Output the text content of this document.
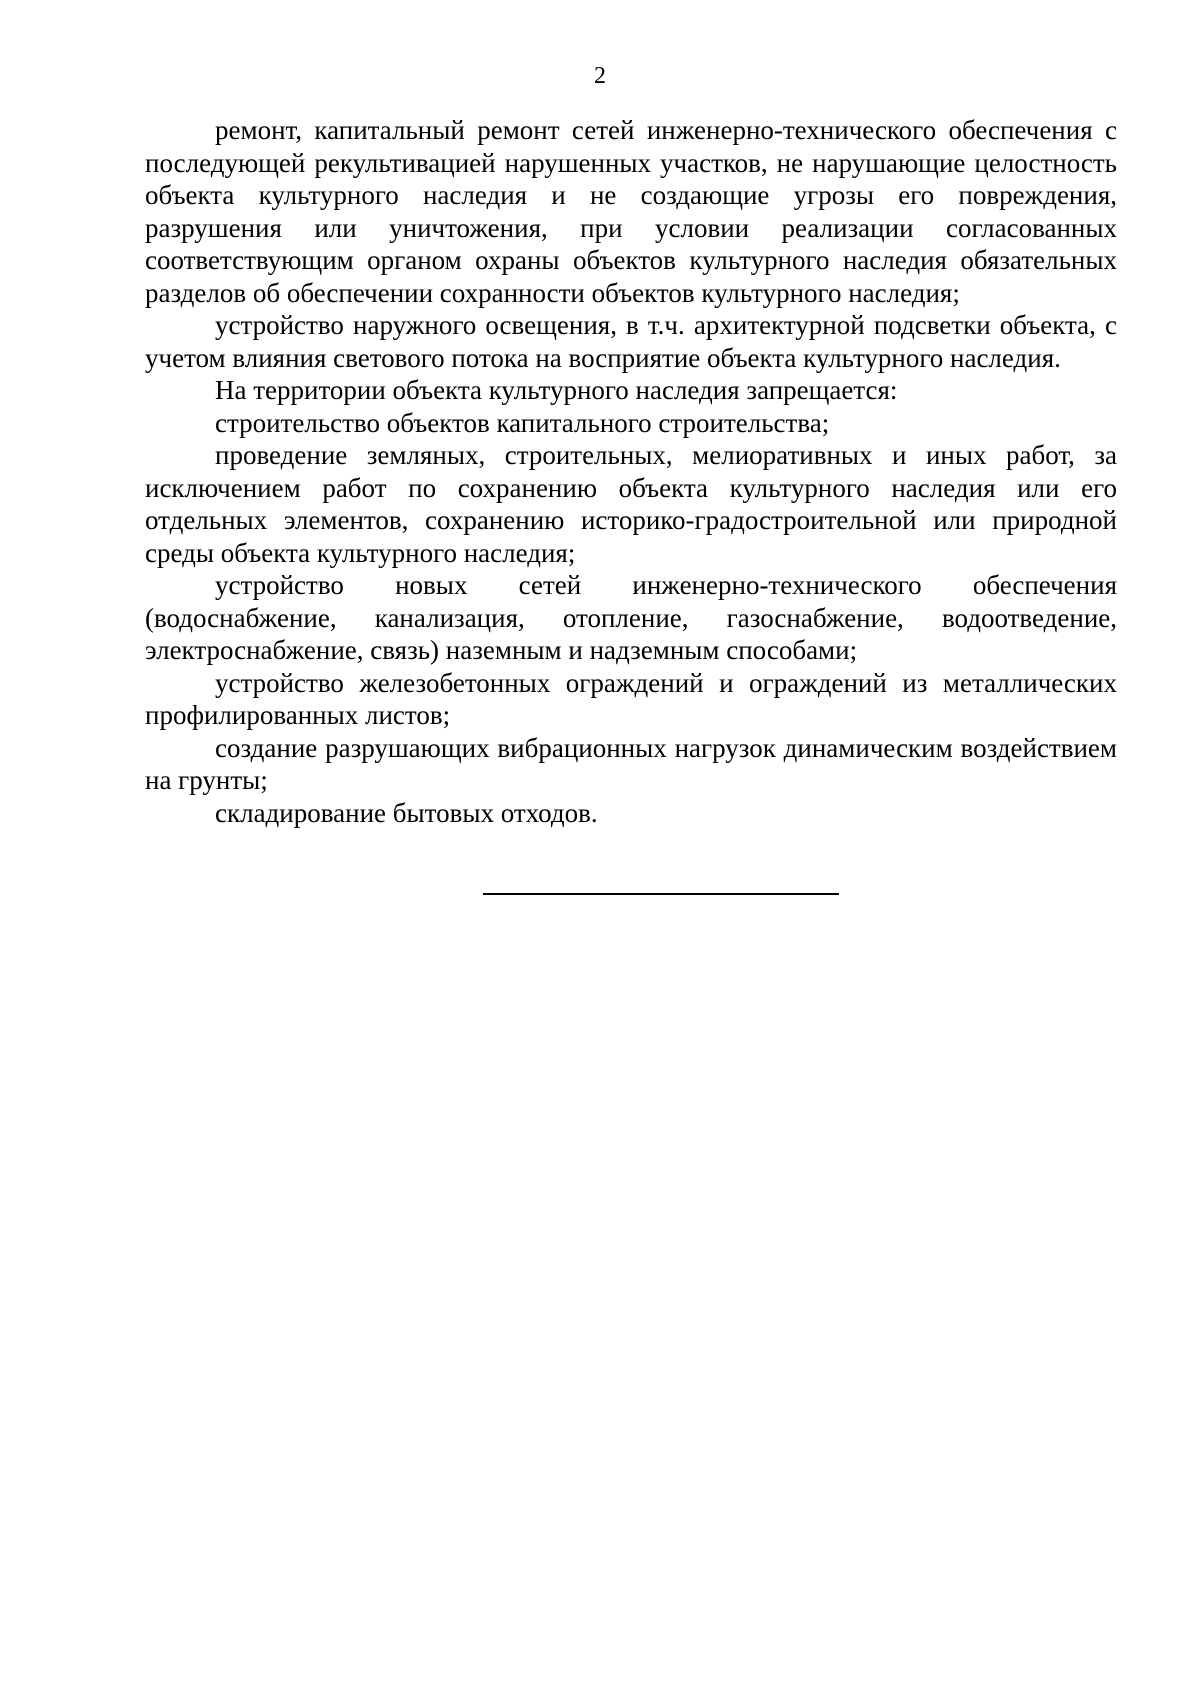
2

ремонт, капитальный ремонт сетей инженерно-технического обеспечения с последующей рекультивацией нарушенных участков, не нарушающие целостность объекта культурного наследия и не создающие угрозы его повреждения, разрушения или уничтожения, при условии реализации согласованных соответствующим органом охраны объектов культурного наследия обязательных разделов об обеспечении сохранности объектов культурного наследия;

устройство наружного освещения, в т.ч. архитектурной подсветки объекта, с учетом влияния светового потока на восприятие объекта культурного наследия.

На территории объекта культурного наследия запрещается:

строительство объектов капитального строительства;

проведение земляных, строительных, мелиоративных и иных работ, за исключением работ по сохранению объекта культурного наследия или его отдельных элементов, сохранению историко-градостроительной или природной среды объекта культурного наследия;

устройство новых сетей инженерно-технического обеспечения (водоснабжение, канализация, отопление, газоснабжение, водоотведение, электроснабжение, связь) наземным и надземным способами;

устройство железобетонных ограждений и ограждений из металлических профилированных листов;

создание разрушающих вибрационных нагрузок динамическим воздействием на грунты;

складирование бытовых отходов.
